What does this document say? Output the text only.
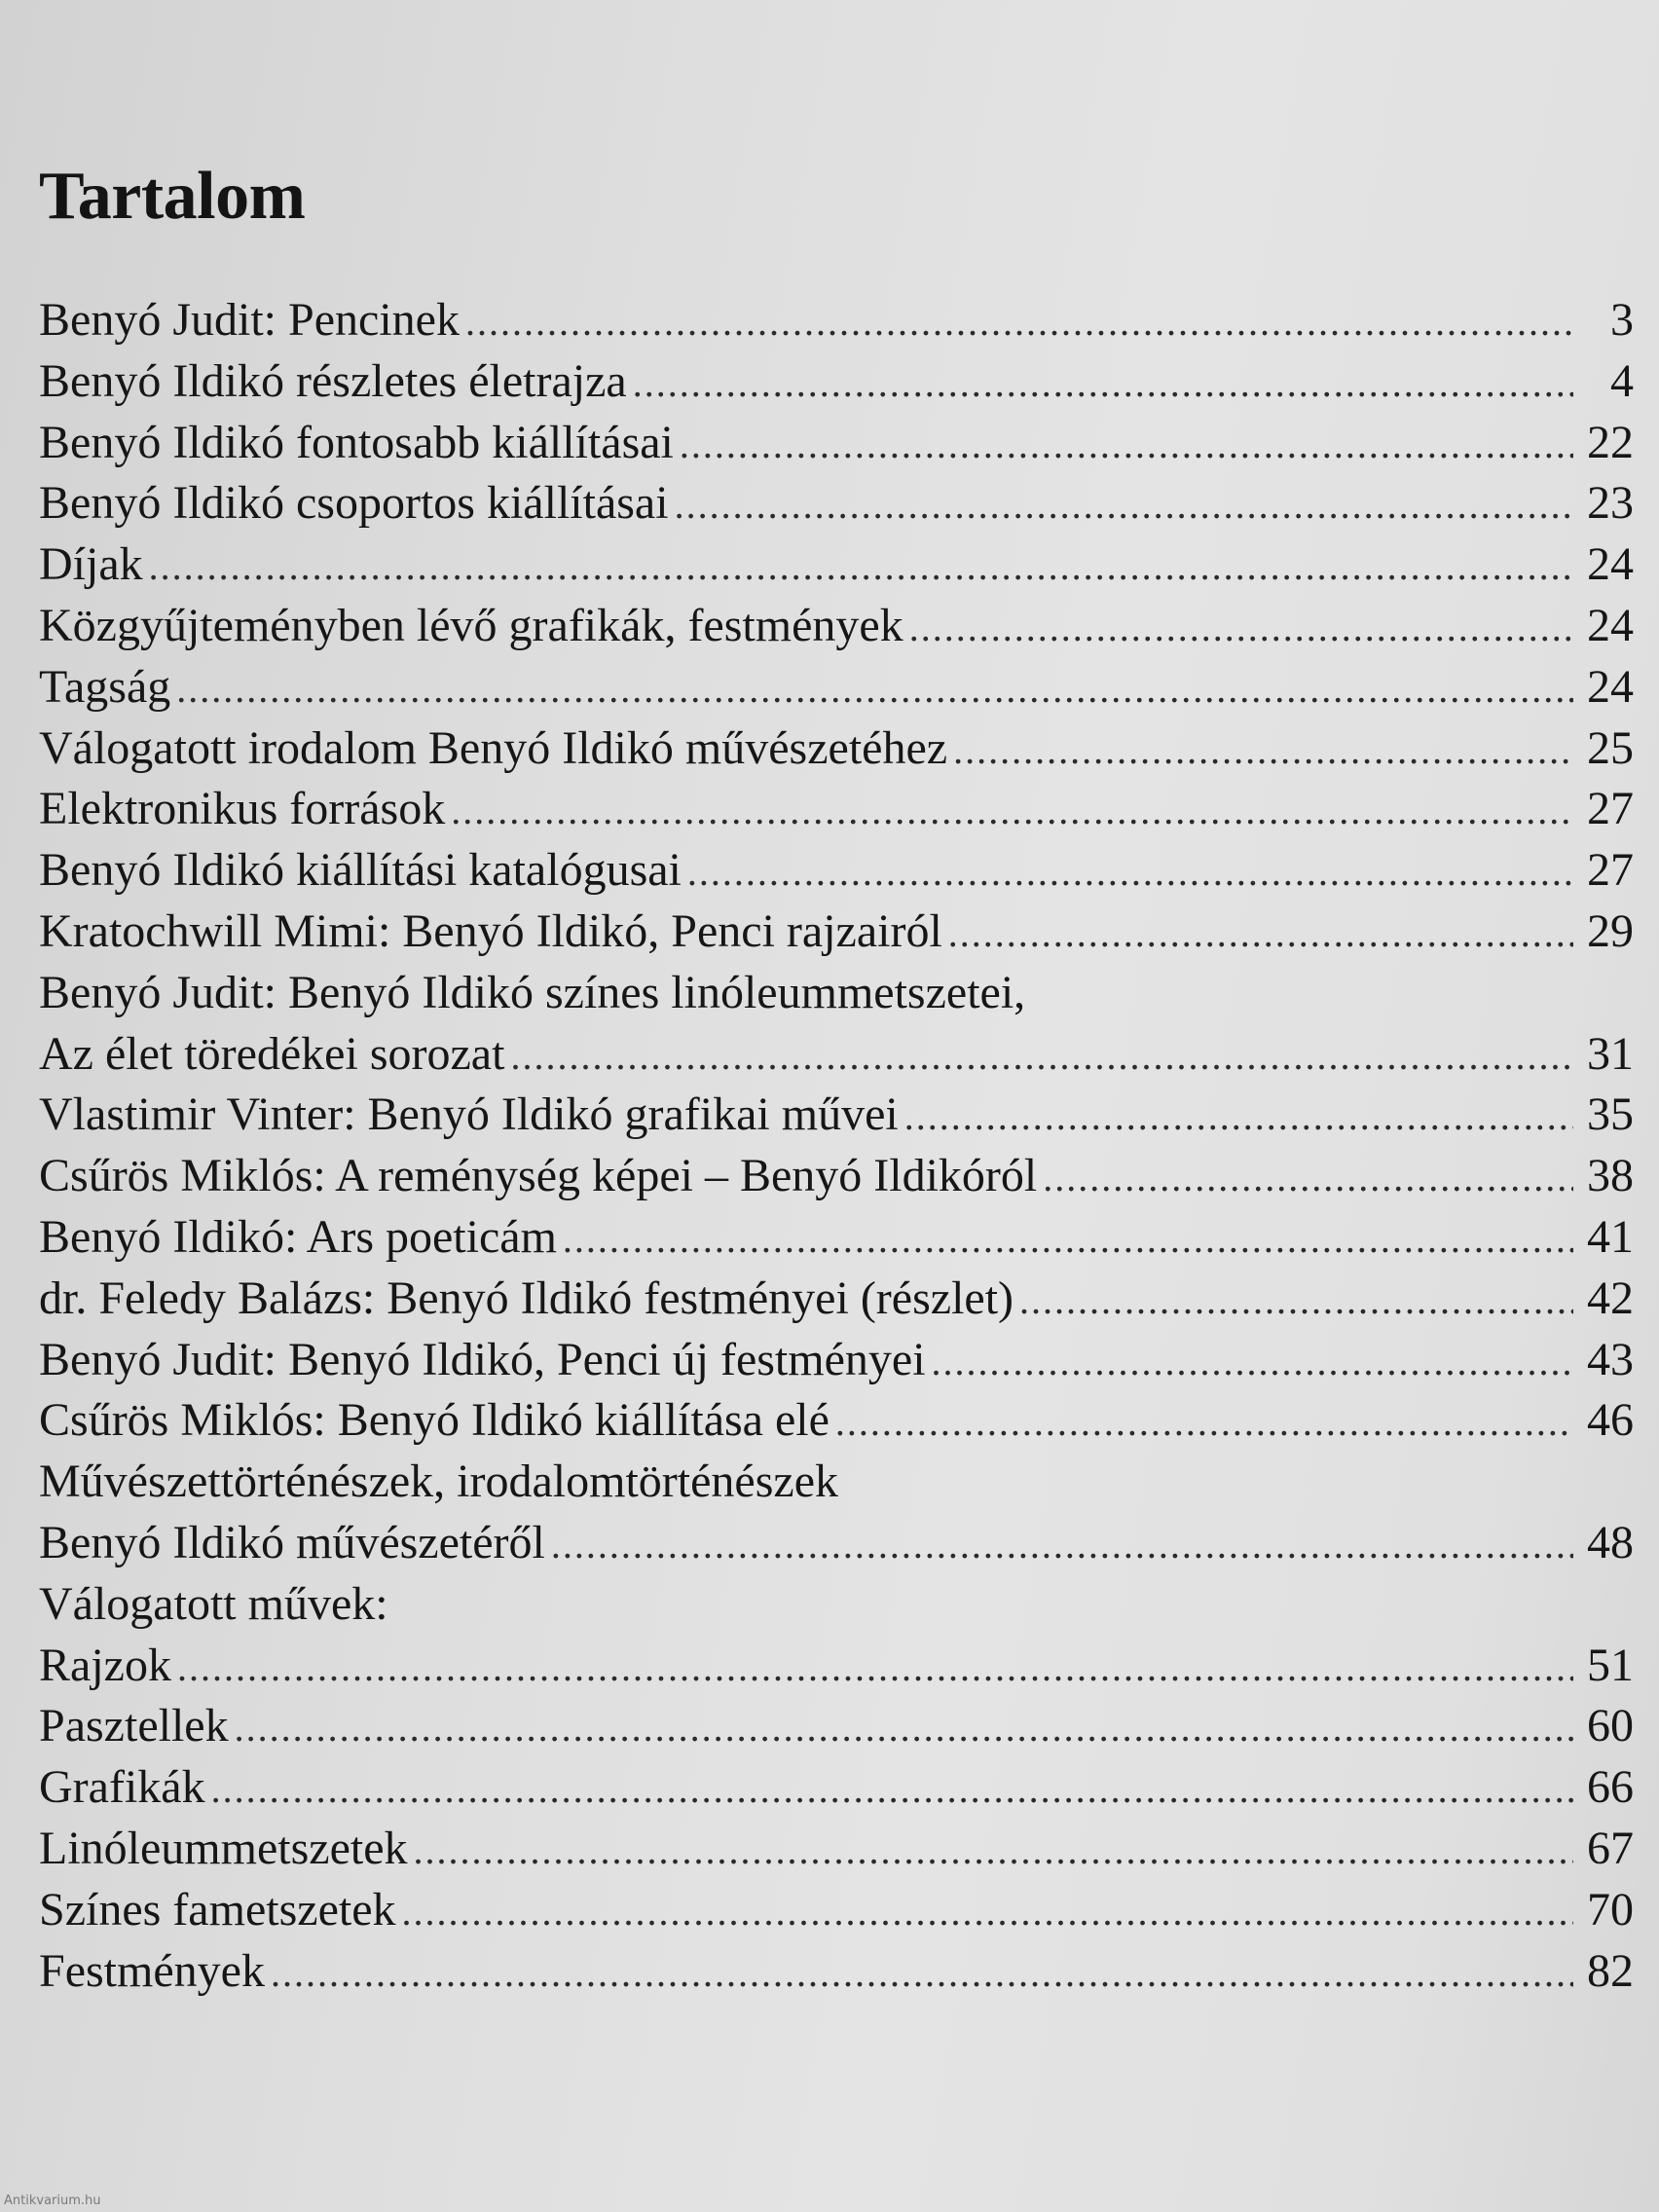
Tartalom
Benyó Judit: Pencinek .....	3
Benyó Ildikó részletes életrajza .....	4
Benyó Ildikó fontosabb kiállításai .....	22
Benyó Ildikó csoportos kiállításai .....	23
Díjak .....	24
Közgyűjteményben lévő grafikák, festmények .....	24
Tagság .....	24
Válogatott irodalom Benyó Ildikó művészetéhez .....	25
Elektronikus források .....	27
Benyó Ildikó kiállítási katalógusai .....	27
Kratochwill Mimi: Benyó Ildikó, Penci rajzairól .....	29
Benyó Judit: Benyó Ildikó színes linóleummetszetei,
Az élet töredékei sorozat .....	31
Vlastimir Vinter: Benyó Ildikó grafikai művei .....	35
Csűrös Miklós: A reménység képei – Benyó Ildikóról .....	38
Benyó Ildikó: Ars poeticám .....	41
dr. Feledy Balázs: Benyó Ildikó festményei (részlet) .....	42
Benyó Judit: Benyó Ildikó, Penci új festményei .....	43
Csűrös Miklós: Benyó Ildikó kiállítása elé .....	46
Művészettörténészek, irodalomtörténészek
Benyó Ildikó művészetéről .....	48
Válogatott művek:
Rajzok .....	51
Pasztellek .....	60
Grafikák .....	66
Linóleummetszetek .....	67
Színes fametszetek .....	70
Festmények .....	82
Antikvarium.hu
